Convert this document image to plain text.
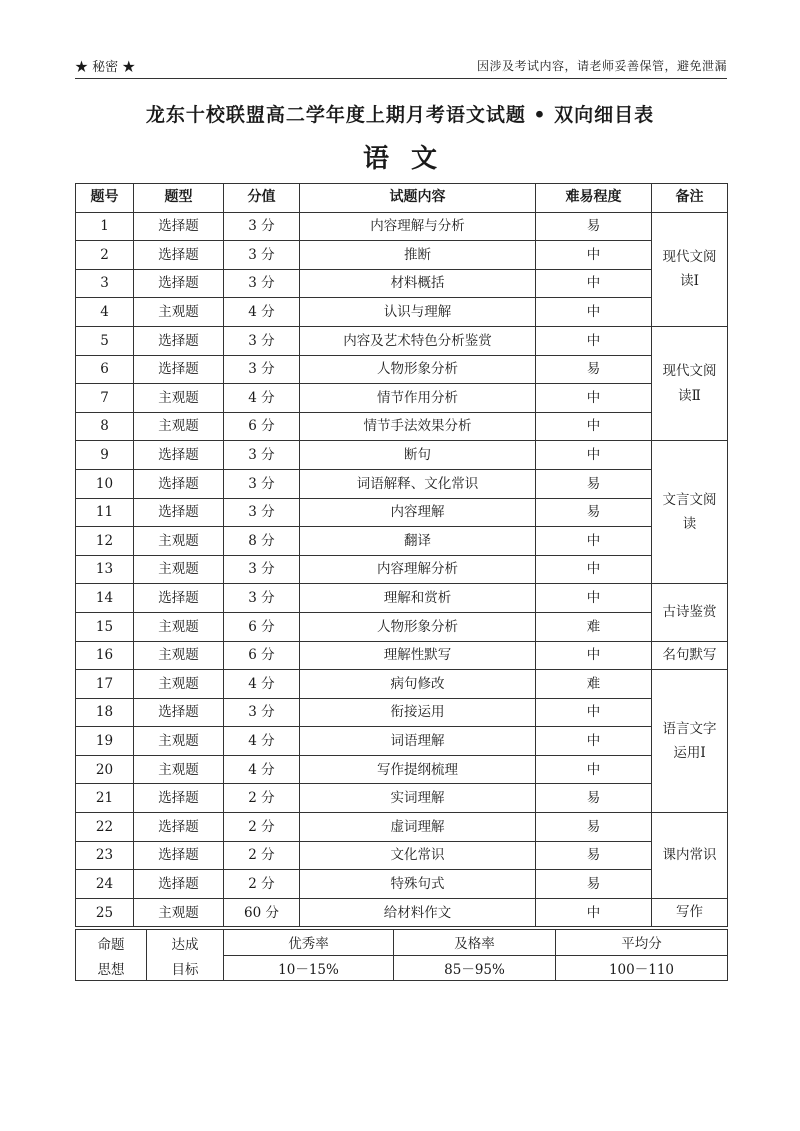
★ 秘密 ★	因涉及考试内容，请老师妥善保管，避免泄漏
龙东十校联盟高二学年度上期月考语文试题 • 双向细目表
语文
题号	题型	分值	试题内容	难易程度	备注
1	选择题	3 分	内容理解与分析	易	现代文阅读Ⅰ
2	选择题	3 分	推断	中	
3	选择题	3 分	材料概括	中	
4	主观题	4 分	认识与理解	中	
5	选择题	3 分	内容及艺术特色分析鉴赏	中	现代文阅读Ⅱ
6	选择题	3 分	人物形象分析	易	
7	主观题	4 分	情节作用分析	中	
8	主观题	6 分	情节手法效果分析	中	
9	选择题	3 分	断句	中	文言文阅读
10	选择题	3 分	词语解释、文化常识	易	
11	选择题	3 分	内容理解	易	
12	主观题	8 分	翻译	中	
13	主观题	3 分	内容理解分析	中	
14	选择题	3 分	理解和赏析	中	古诗鉴赏
15	主观题	6 分	人物形象分析	难	
16	主观题	6 分	理解性默写	中	名句默写
17	主观题	4 分	病句修改	难	语言文字运用Ⅰ
18	选择题	3 分	衔接运用	中	
19	主观题	4 分	词语理解	中	
20	主观题	4 分	写作提纲梳理	中	
21	选择题	2 分	实词理解	易	
22	选择题	2 分	虚词理解	易	课内常识
23	选择题	2 分	文化常识	易	
24	选择题	2 分	特殊句式	易	
25	主观题	60 分	给材料作文	中	写作
命题	达成	优秀率	及格率	平均分
思想	目标	10－15%	85－95%	100－110
